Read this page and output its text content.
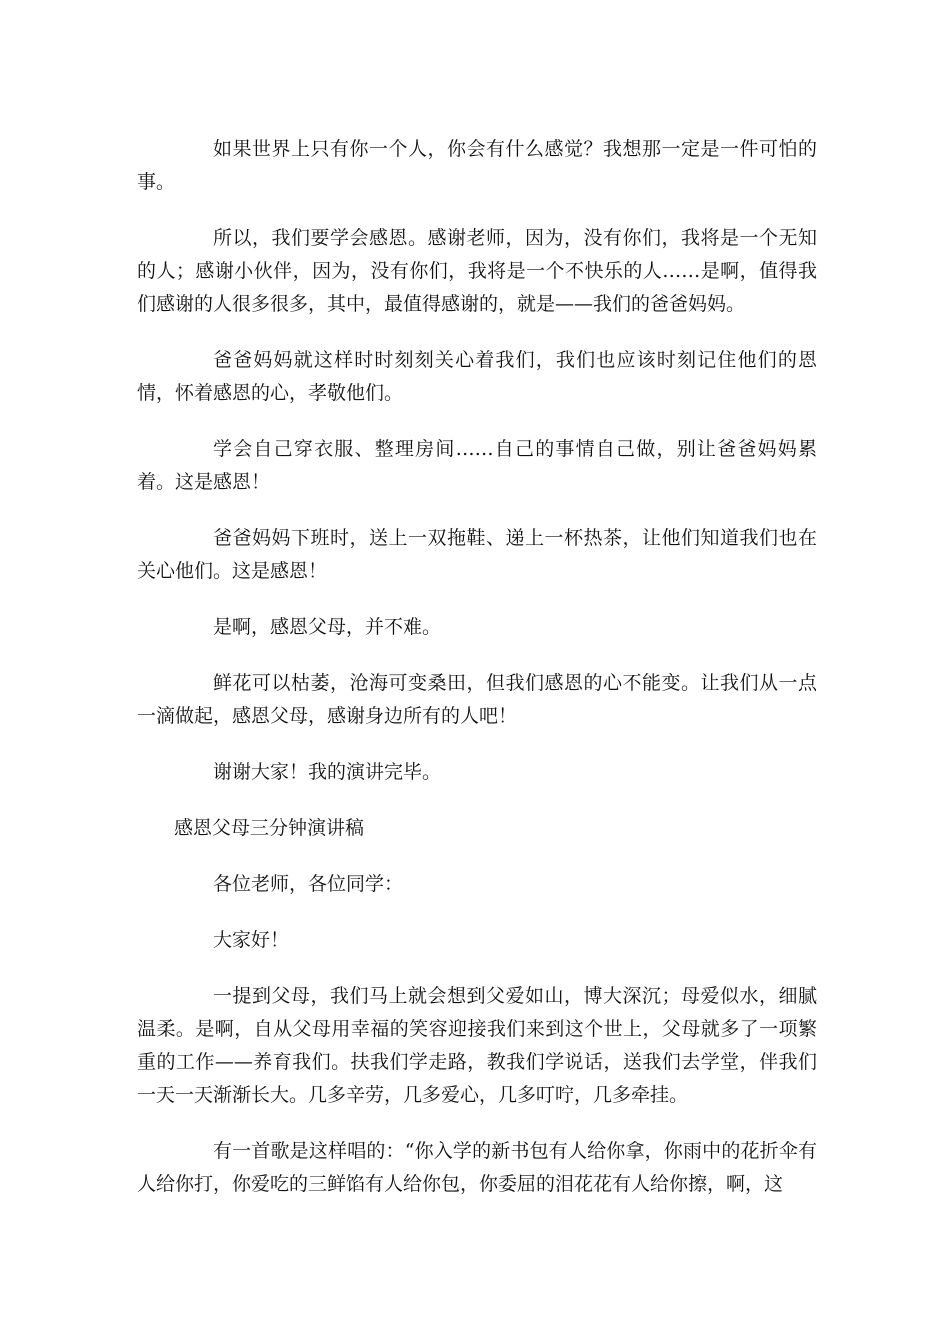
如果世界上只有你一个人，你会有什么感觉？我想那一定是一件可怕的事。

所以，我们要学会感恩。感谢老师，因为，没有你们，我将是一个无知的人；感谢小伙伴，因为，没有你们，我将是一个不快乐的人……是啊，值得我们感谢的人很多很多，其中，最值得感谢的，就是——我们的爸爸妈妈。

爸爸妈妈就这样时时刻刻关心着我们，我们也应该时刻记住他们的恩情，怀着感恩的心，孝敬他们。

学会自己穿衣服、整理房间……自己的事情自己做，别让爸爸妈妈累着。这是感恩！

爸爸妈妈下班时，送上一双拖鞋、递上一杯热茶，让他们知道我们也在关心他们。这是感恩！

是啊，感恩父母，并不难。

鲜花可以枯萎，沧海可变桑田，但我们感恩的心不能变。让我们从一点一滴做起，感恩父母，感谢身边所有的人吧！

谢谢大家！我的演讲完毕。

感恩父母三分钟演讲稿

各位老师，各位同学：

大家好！

一提到父母，我们马上就会想到父爱如山，博大深沉；母爱似水，细腻温柔。是啊，自从父母用幸福的笑容迎接我们来到这个世上，父母就多了一项繁重的工作——养育我们。扶我们学走路，教我们学说话，送我们去学堂，伴我们一天一天渐渐长大。几多辛劳，几多爱心，几多叮咛，几多牵挂。

有一首歌是这样唱的：“你入学的新书包有人给你拿，你雨中的花折伞有人给你打，你爱吃的三鲜馅有人给你包，你委屈的泪花花有人给你擦，啊，这
